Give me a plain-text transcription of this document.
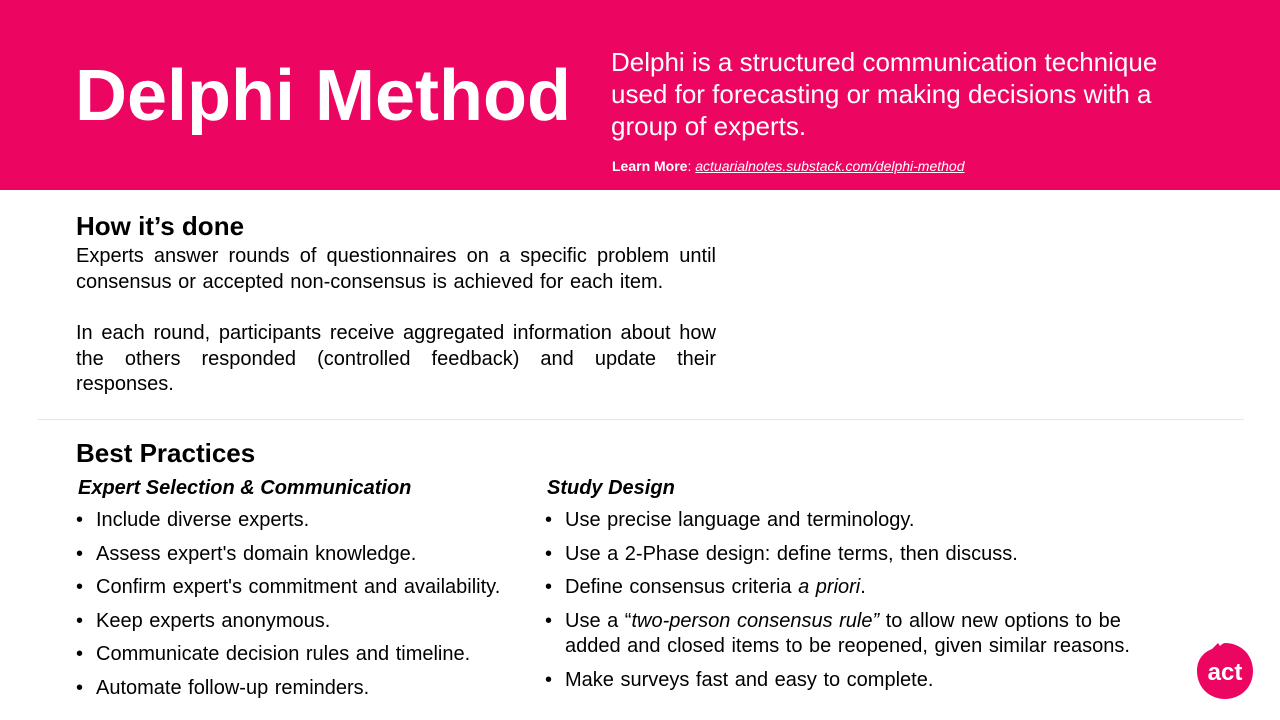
Delphi Method Delphi is a structured communication technique used for forecasting or making decisions with a group of experts.

Learn More: actuarialnotes.substack.com/delphi-method
How it’s done

Experts answer rounds of questionnaires on a specific problem until consensus or accepted non-consensus is achieved for each item.

In each round, participants receive aggregated information about how the others responded (controlled feedback) and update their responses.

Best Practices
Expert Selection & Communication
• Include diverse experts.
• Assess expert's domain knowledge.
• Confirm expert's commitment and availability.
• Keep experts anonymous.
• Communicate decision rules and timeline.
• Automate follow-up reminders.
Study Design
• Use precise language and terminology.
• Use a 2-Phase design: define terms, then discuss.
• Define consensus criteria a priori.
• Use a “two-person consensus rule” to allow new options to be added and closed items to be reopened, given similar reasons.
• Make surveys fast and easy to complete.	act
